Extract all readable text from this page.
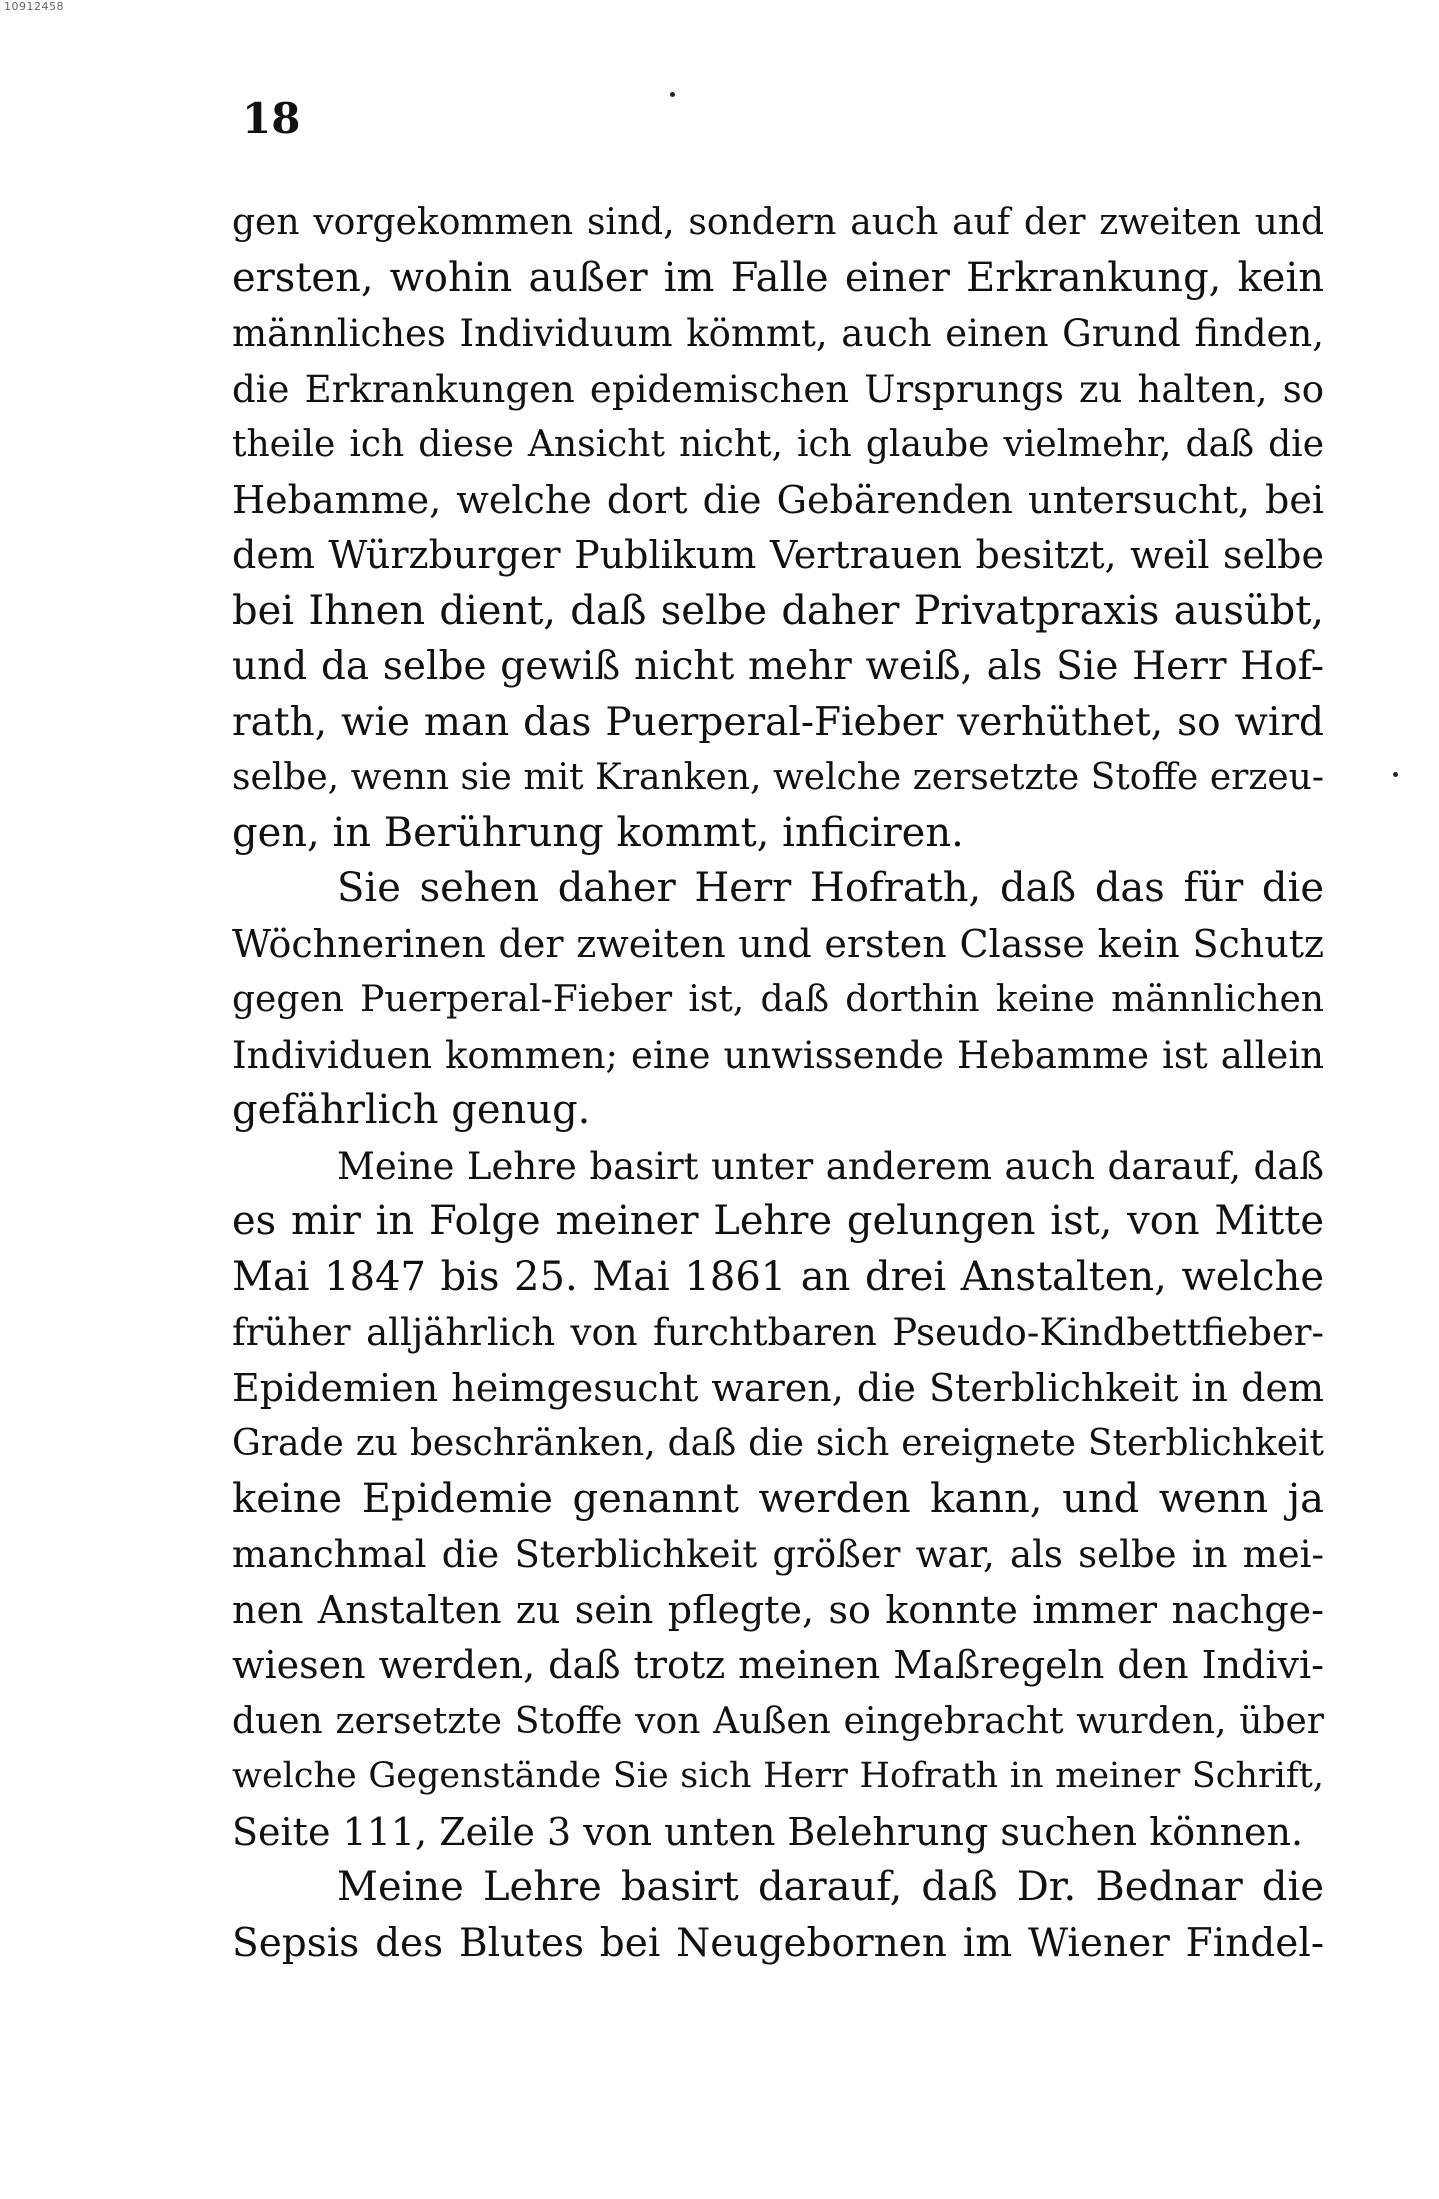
10912458
18
gen vorgekommen sind, sondern auch auf der zweiten und
ersten, wohin außer im Falle einer Erkrankung, kein
männliches Individuum kömmt, auch einen Grund finden,
die Erkrankungen epidemischen Ursprungs zu halten, so
theile ich diese Ansicht nicht, ich glaube vielmehr, daß die
Hebamme, welche dort die Gebärenden untersucht, bei
dem Würzburger Publikum Vertrauen besitzt, weil selbe
bei Ihnen dient, daß selbe daher Privatpraxis ausübt,
und da selbe gewiß nicht mehr weiß, als Sie Herr Hof-
rath, wie man das Puerperal-Fieber verhüthet, so wird
selbe, wenn sie mit Kranken, welche zersetzte Stoffe erzeu-
gen, in Berührung kommt, inficiren.
Sie sehen daher Herr Hofrath, daß das für die
Wöchnerinen der zweiten und ersten Classe kein Schutz
gegen Puerperal-Fieber ist, daß dorthin keine männlichen
Individuen kommen; eine unwissende Hebamme ist allein
gefährlich genug.
Meine Lehre basirt unter anderem auch darauf, daß
es mir in Folge meiner Lehre gelungen ist, von Mitte
Mai 1847 bis 25. Mai 1861 an drei Anstalten, welche
früher alljährlich von furchtbaren Pseudo-Kindbettfieber-
Epidemien heimgesucht waren, die Sterblichkeit in dem
Grade zu beschränken, daß die sich ereignete Sterblichkeit
keine Epidemie genannt werden kann, und wenn ja
manchmal die Sterblichkeit größer war, als selbe in mei-
nen Anstalten zu sein pflegte, so konnte immer nachge-
wiesen werden, daß trotz meinen Maßregeln den Indivi-
duen zersetzte Stoffe von Außen eingebracht wurden, über
welche Gegenstände Sie sich Herr Hofrath in meiner Schrift,
Seite 111, Zeile 3 von unten Belehrung suchen können.
Meine Lehre basirt darauf, daß Dr. Bednar die
Sepsis des Blutes bei Neugebornen im Wiener Findel-
